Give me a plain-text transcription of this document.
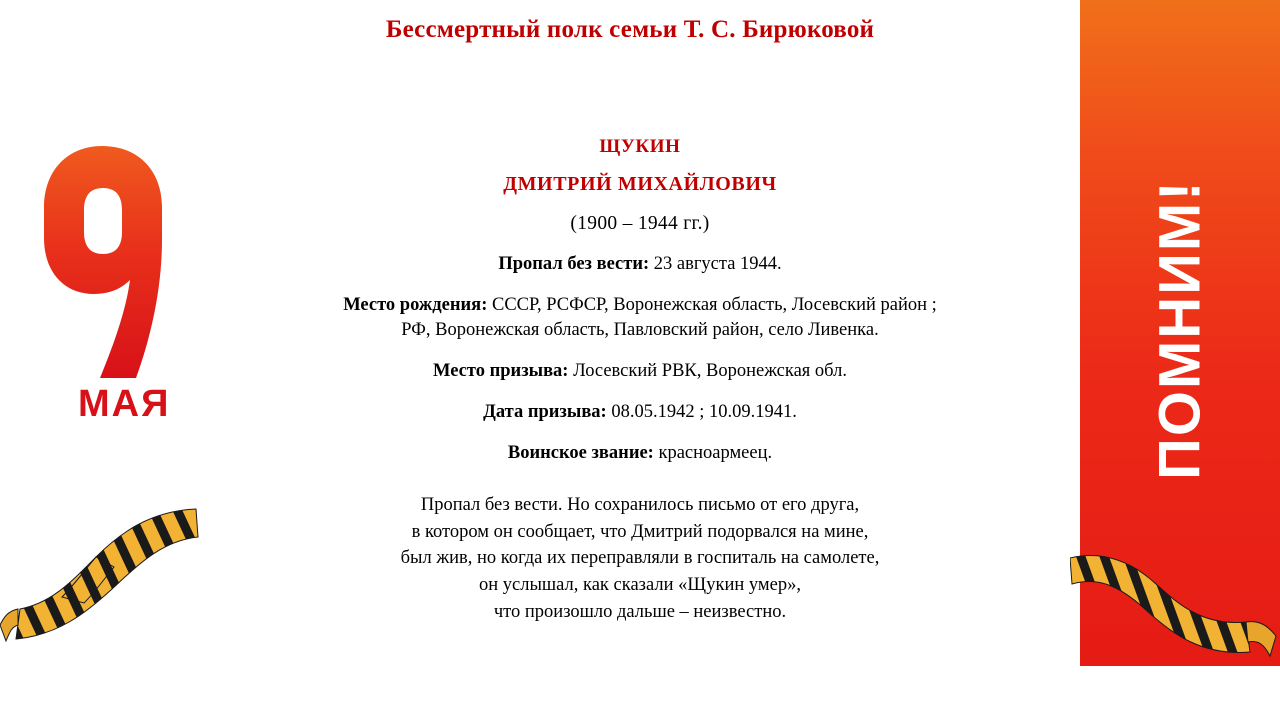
Бессмертный полк семьи Т. С. Бирюковой
МАЯ	ПОМНИМ!
ЩУКИН
ДМИТРИЙ МИХАЙЛОВИЧ
(1900 – 1944 гг.)
Пропал без вести: 23 августа 1944.
Место рождения: СССР, РСФСР, Воронежская область, Лосевский район ;
РФ, Воронежская область, Павловский район, село Ливенка.
Место призыва: Лосевский РВК, Воронежская обл.
Дата призыва: 08.05.1942 ; 10.09.1941.
Воинское звание: красноармеец.
Пропал без вести. Но сохранилось письмо от его друга,
в котором он сообщает, что Дмитрий подорвался на мине,
был жив, но когда их переправляли в госпиталь на самолете,
он услышал, как сказали «Щукин умер»,
что произошло дальше – неизвестно.
